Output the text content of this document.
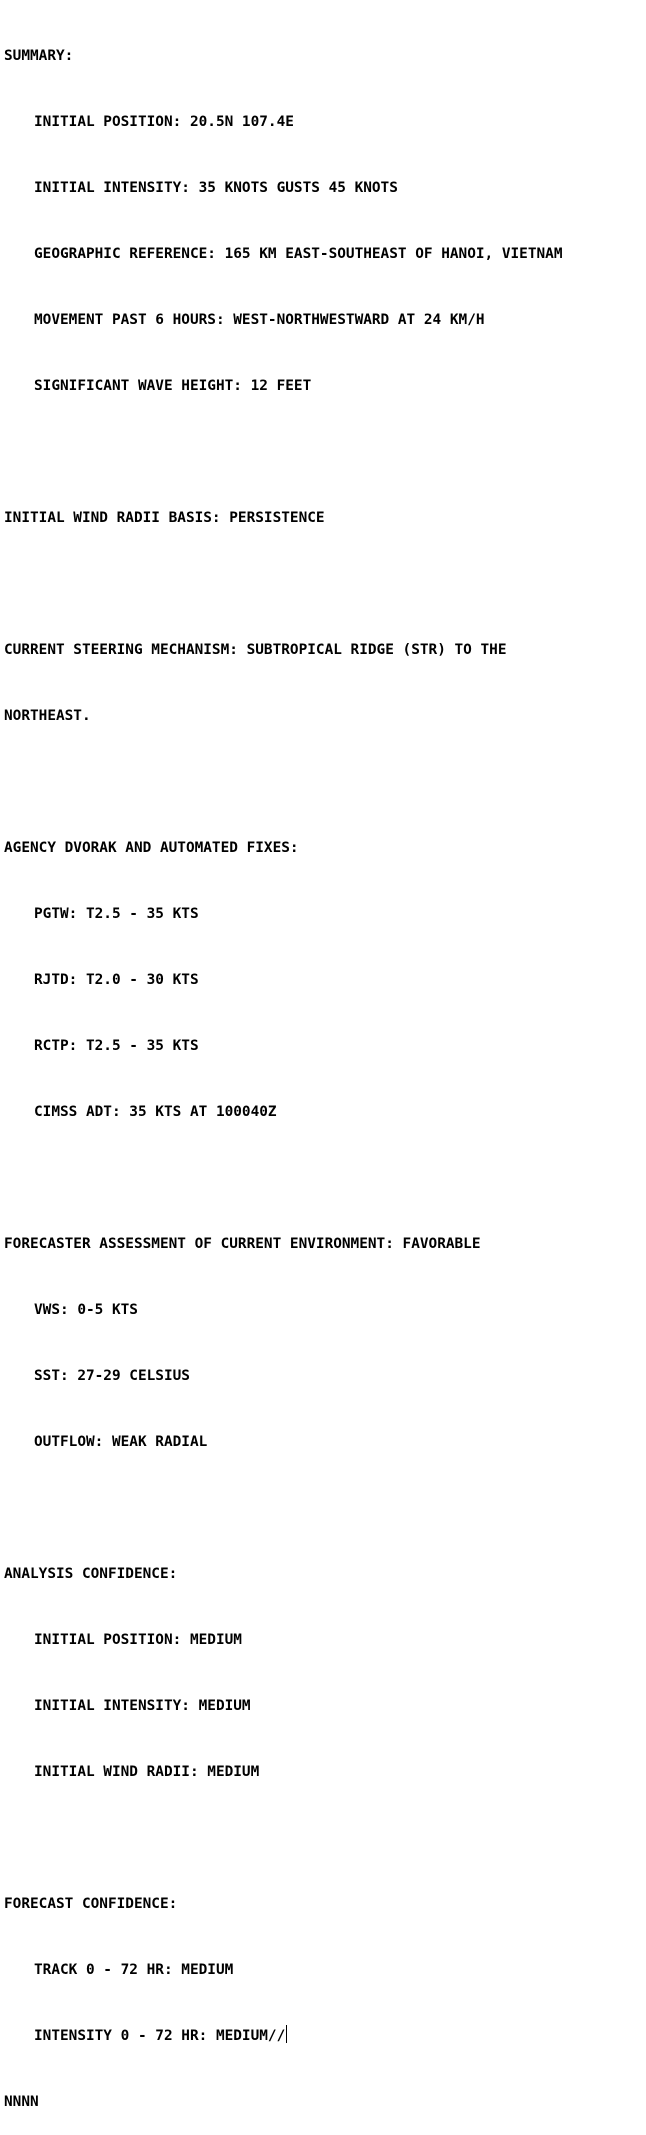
SUMMARY:

INITIAL POSITION: 20.5N 107.4E

INITIAL INTENSITY: 35 KNOTS GUSTS 45 KNOTS

GEOGRAPHIC REFERENCE: 165 KM EAST-SOUTHEAST OF HANOI, VIETNAM

MOVEMENT PAST 6 HOURS: WEST-NORTHWESTWARD AT 24 KM/H

SIGNIFICANT WAVE HEIGHT: 12 FEET

INITIAL WIND RADII BASIS: PERSISTENCE

CURRENT STEERING MECHANISM: SUBTROPICAL RIDGE (STR) TO THE

NORTHEAST.

AGENCY DVORAK AND AUTOMATED FIXES:

PGTW: T2.5 - 35 KTS

RJTD: T2.0 - 30 KTS

RCTP: T2.5 - 35 KTS

CIMSS ADT: 35 KTS AT 100040Z

FORECASTER ASSESSMENT OF CURRENT ENVIRONMENT: FAVORABLE

VWS: 0-5 KTS

SST: 27-29 CELSIUS

OUTFLOW: WEAK RADIAL

ANALYSIS CONFIDENCE:

INITIAL POSITION: MEDIUM

INITIAL INTENSITY: MEDIUM

INITIAL WIND RADII: MEDIUM

FORECAST CONFIDENCE:

TRACK 0 - 72 HR: MEDIUM

INTENSITY 0 - 72 HR: MEDIUM//

NNNN
